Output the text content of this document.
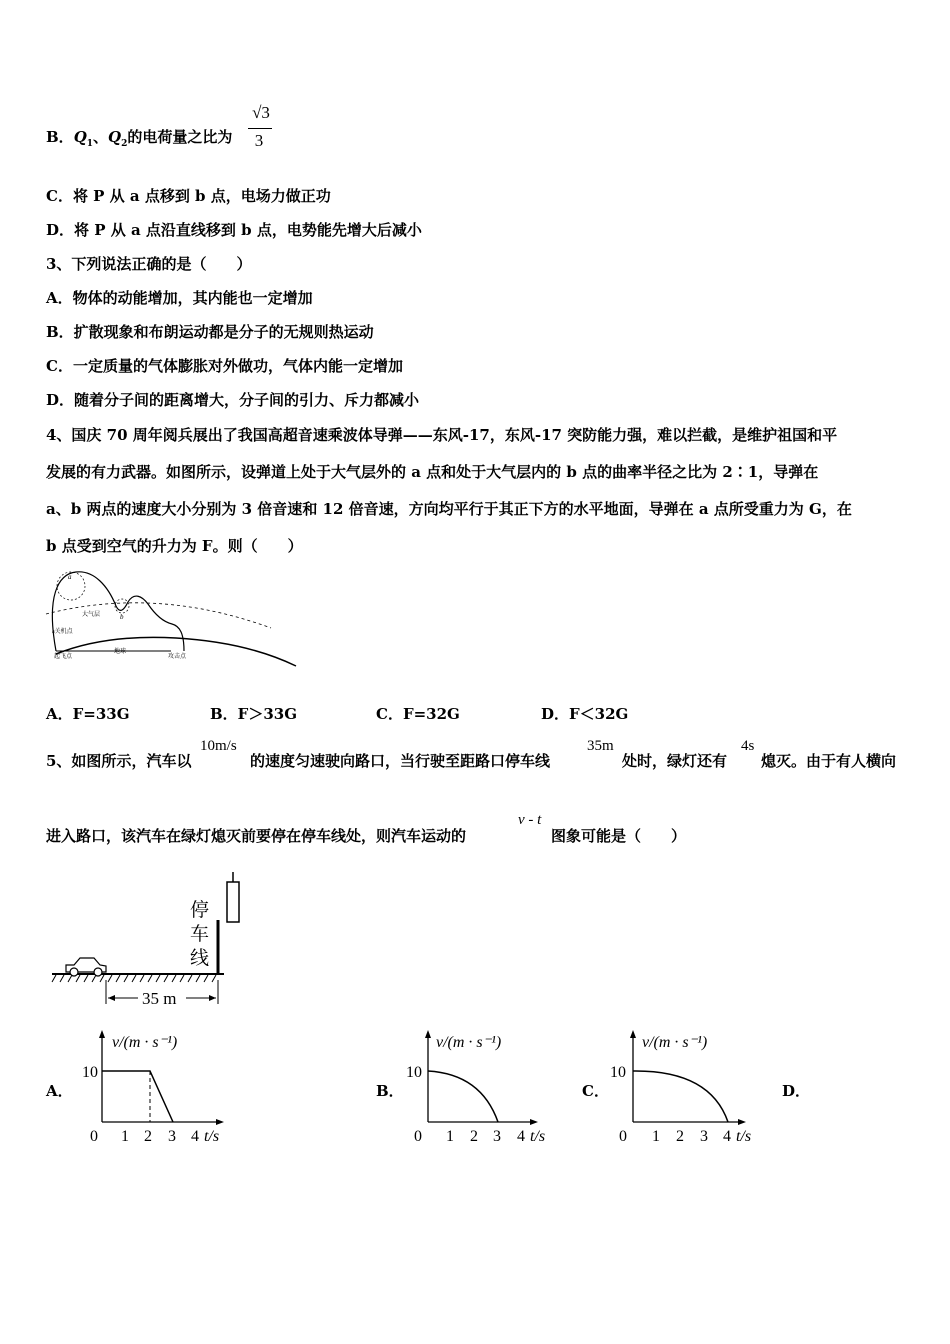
B．$Q_1$、$Q_2$的电荷量之比为
√3
3
C．将 P 从 a 点移到 b 点，电场力做正功
D．将 P 从 a 点沿直线移到 b 点，电势能先增大后减小
3、下列说法正确的是（　　）
A．物体的动能增加，其内能也一定增加
B．扩散现象和布朗运动都是分子的无规则热运动
C．一定质量的气体膨胀对外做功，气体内能一定增加
D．随着分子间的距离增大，分子间的引力、斥力都减小
4、国庆 70 周年阅兵展出了我国高超音速乘波体导弹——东风-17，东风-17 突防能力强，难以拦截，是维护祖国和平
发展的有力武器。如图所示，设弹道上处于大气层外的 a 点和处于大气层内的 b 点的曲率半径之比为 2∶1，导弹在
a、b 两点的速度大小分别为 3 倍音速和 12 倍音速，方向均平行于其正下方的水平地面，导弹在 a 点所受重力为 G，在
b 点受到空气的升力为 F。则（　　）
a
b
大气层
a关机点
起飞点
地球
攻击点
A．F=33G	B．F＞33G	C．F=32G	D．F＜32G
5、如图所示，汽车以
10m/s
的速度匀速驶向路口，当行驶至距路口停车线
35m
处时，绿灯还有
4s
熄灭。由于有人横向
进入路口，该汽车在绿灯熄灭前要停在停车线处，则汽车运动的
v - t
图象可能是（　　）
停 车 线
35 m
A．
v/(m · s⁻¹)
10
0 1 2 3 4 t/s
B．
v/(m · s⁻¹)
10
0 1 2 3 4 t/s
C．
v/(m · s⁻¹)
10
0 1 2 3 4 t/s
D．
